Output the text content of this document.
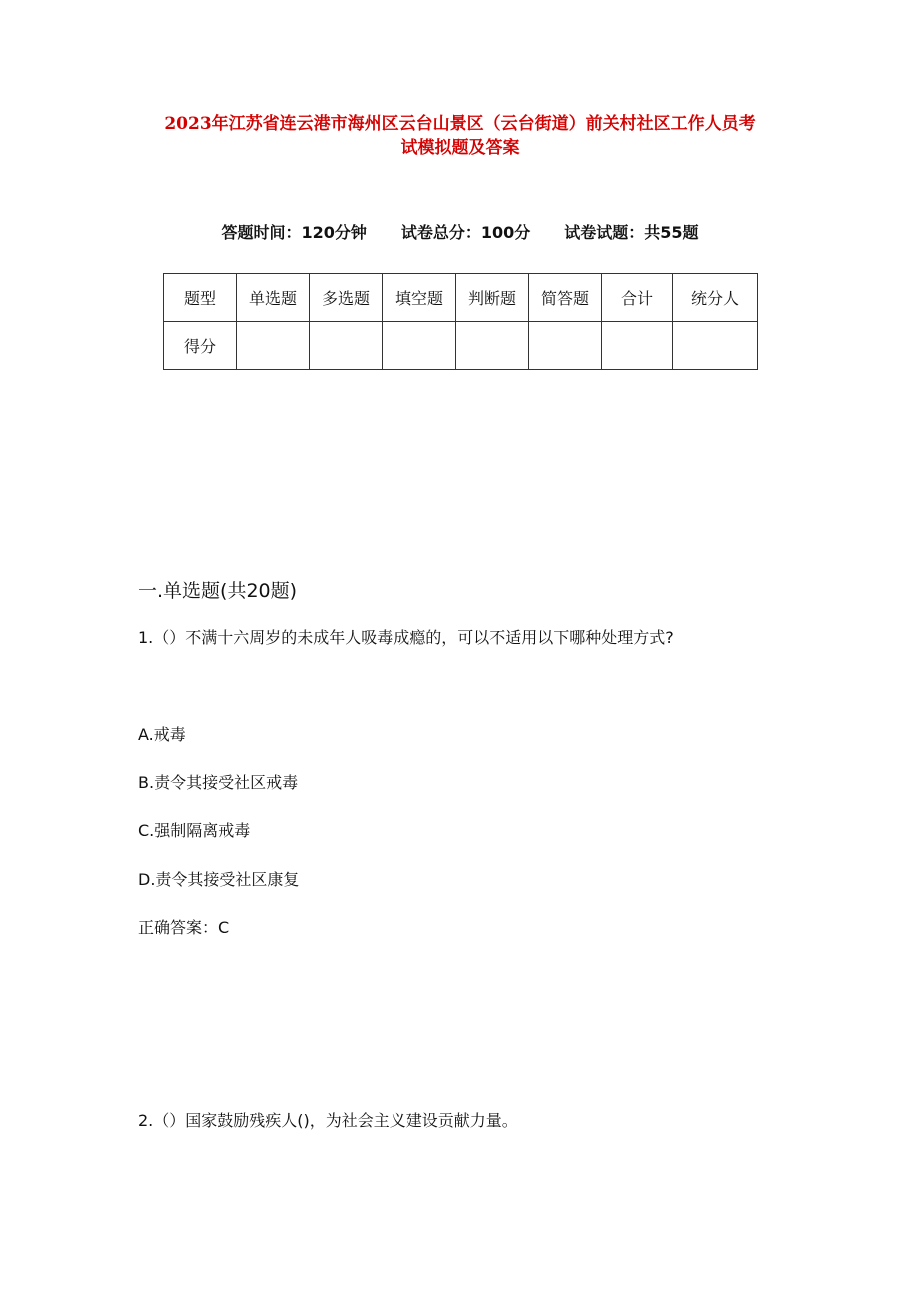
2023年江苏省连云港市海州区云台山景区（云台街道）前关村社区工作人员考
试模拟题及答案
答题时间：120分钟 试卷总分：100分 试卷试题：共55题
题型	单选题	多选题	填空题	判断题	简答题	合计	统分人
得分							
一.单选题(共20题)
1.（）不满十六周岁的未成年人吸毒成瘾的，可以不适用以下哪种处理方式?
A.戒毒
B.责令其接受社区戒毒
C.强制隔离戒毒
D.责令其接受社区康复
正确答案：C
2.（）国家鼓励残疾人()，为社会主义建设贡献力量。
